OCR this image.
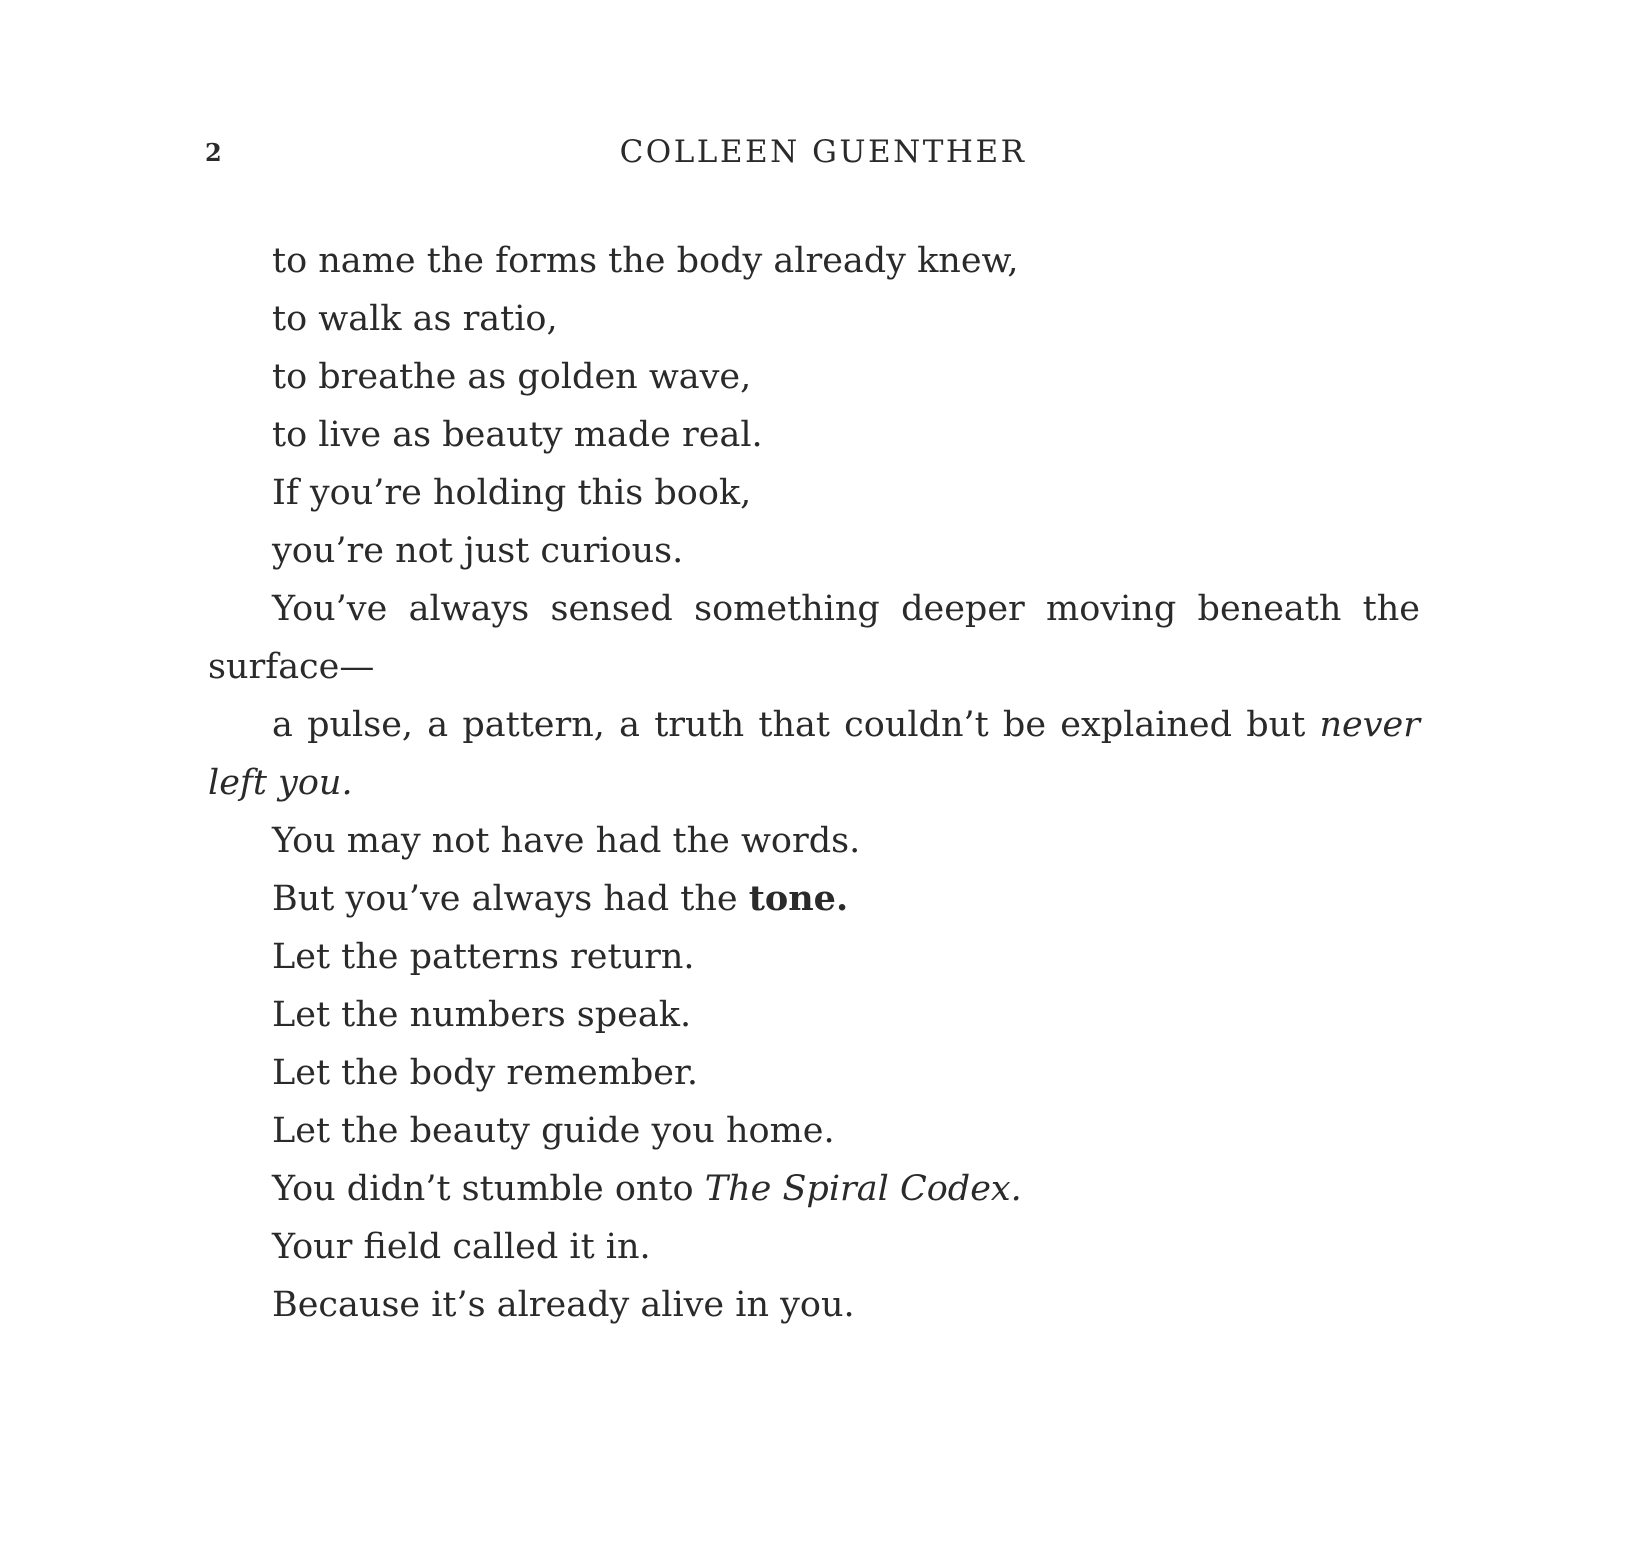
2	COLLEEN GUENTHER

to name the forms the body already knew,

to walk as ratio,

to breathe as golden wave,

to live as beauty made real.

If you’re holding this book,

you’re not just curious.

You’ve always sensed something deeper moving beneath the surface—

a pulse, a pattern, a truth that couldn’t be explained but never left you.

You may not have had the words.

But you’ve always had the tone.

Let the patterns return.

Let the numbers speak.

Let the body remember.

Let the beauty guide you home.

You didn’t stumble onto The Spiral Codex.

Your field called it in.

Because it’s already alive in you.
